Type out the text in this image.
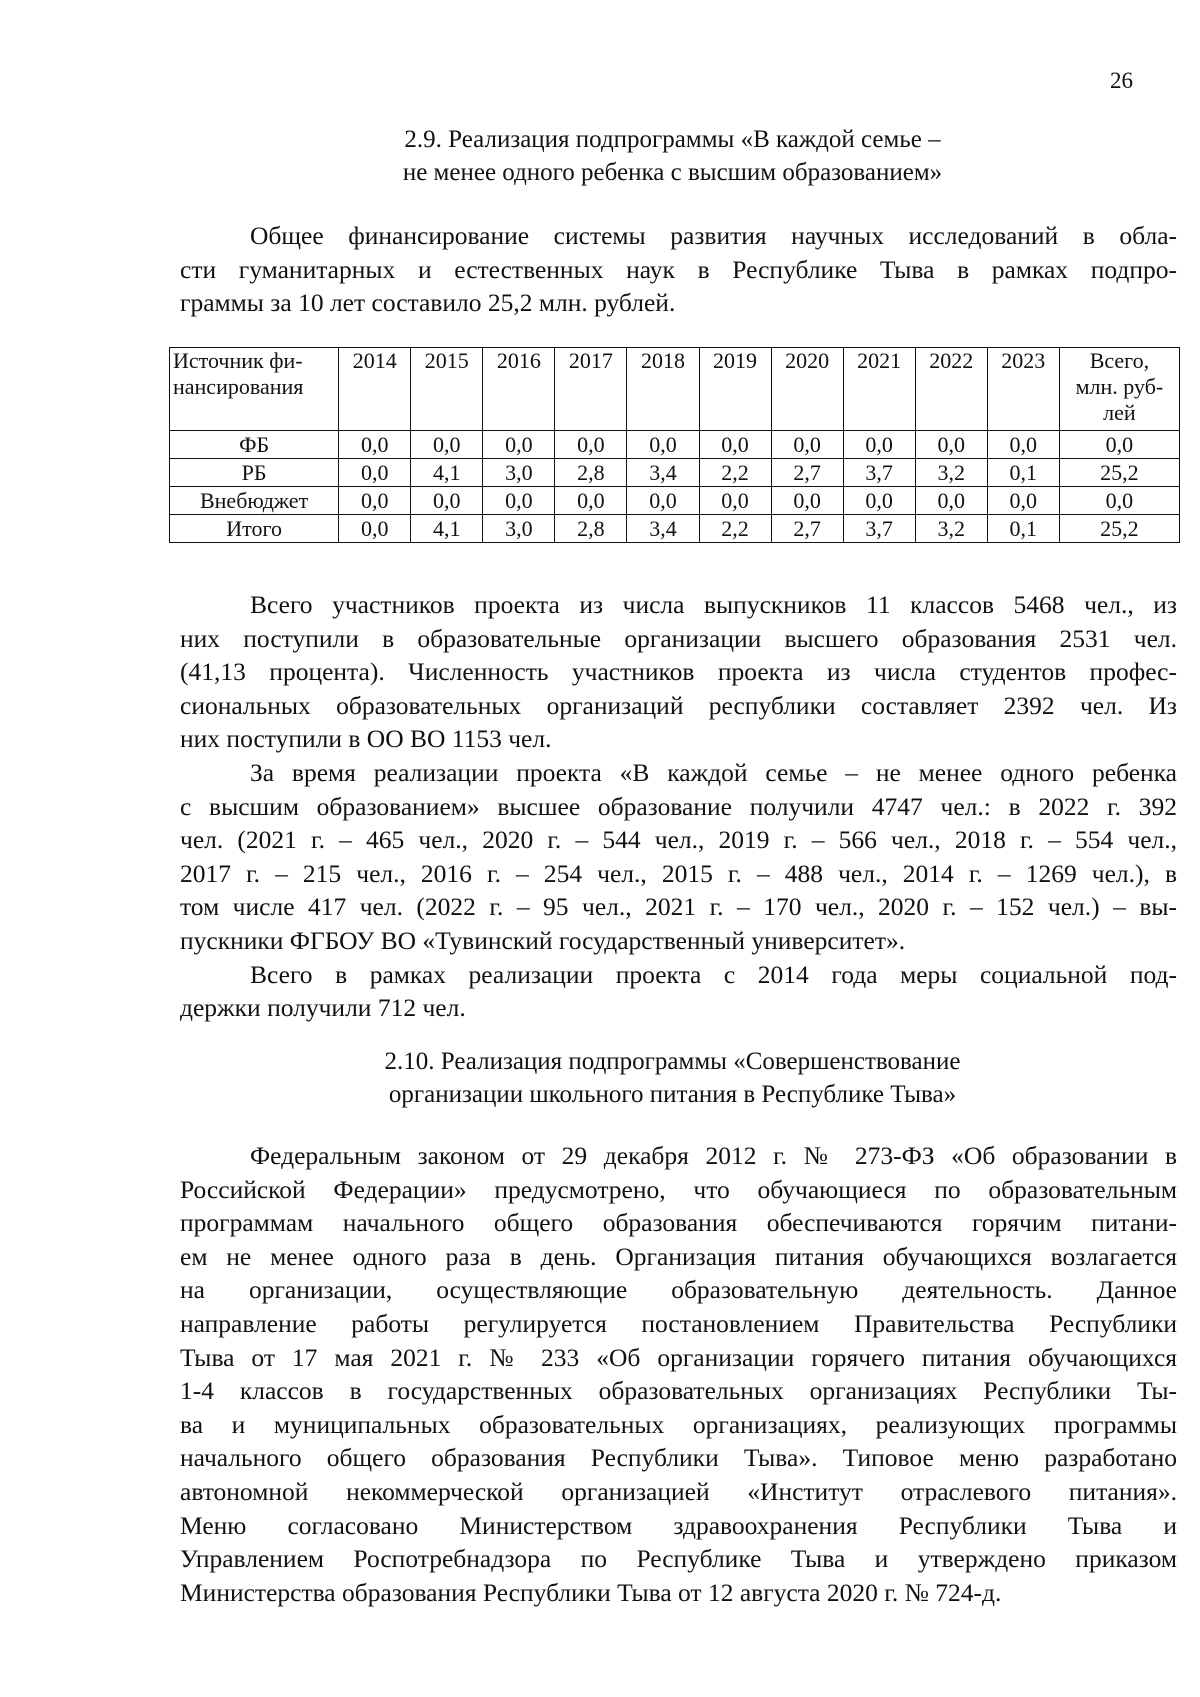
26
2.9. Реализация подпрограммы «В каждой семье –
не менее одного ребенка с высшим образованием»
Общее финансирование системы развития научных исследований в обла-
сти гуманитарных и естественных наук в Республике Тыва в рамках подпро-
граммы за 10 лет составило 25,2 млн. рублей.
Источник фи-
нансирования	2014	2015	2016	2017	2018	2019	2020	2021	2022	2023	Всего,
млн. руб-
лей
ФБ	0,0	0,0	0,0	0,0	0,0	0,0	0,0	0,0	0,0	0,0	0,0
РБ	0,0	4,1	3,0	2,8	3,4	2,2	2,7	3,7	3,2	0,1	25,2
Внебюджет	0,0	0,0	0,0	0,0	0,0	0,0	0,0	0,0	0,0	0,0	0,0
Итого	0,0	4,1	3,0	2,8	3,4	2,2	2,7	3,7	3,2	0,1	25,2
Всего участников проекта из числа выпускников 11 классов 5468 чел., из
них поступили в образовательные организации высшего образования 2531 чел.
(41,13 процента). Численность участников проекта из числа студентов профес-
сиональных образовательных организаций республики составляет 2392 чел. Из
них поступили в ОО ВО 1153 чел.
За время реализации проекта «В каждой семье – не менее одного ребенка
с высшим образованием» высшее образование получили 4747 чел.: в 2022 г. 392
чел. (2021 г. – 465 чел., 2020 г. – 544 чел., 2019 г. – 566 чел., 2018 г. – 554 чел.,
2017 г. – 215 чел., 2016 г. – 254 чел., 2015 г. – 488 чел., 2014 г. – 1269 чел.), в
том числе 417 чел. (2022 г. – 95 чел., 2021 г. – 170 чел., 2020 г. – 152 чел.) – вы-
пускники ФГБОУ ВО «Тувинский государственный университет».
Всего в рамках реализации проекта с 2014 года меры социальной под-
держки получили 712 чел.
2.10. Реализация подпрограммы «Совершенствование
организации школьного питания в Республике Тыва»
Федеральным законом от 29 декабря 2012 г. № 273-ФЗ «Об образовании в
Российской Федерации» предусмотрено, что обучающиеся по образовательным
программам начального общего образования обеспечиваются горячим питани-
ем не менее одного раза в день. Организация питания обучающихся возлагается
на организации, осуществляющие образовательную деятельность. Данное
направление работы регулируется постановлением Правительства Республики
Тыва от 17 мая 2021 г. № 233 «Об организации горячего питания обучающихся
1-4 классов в государственных образовательных организациях Республики Ты-
ва и муниципальных образовательных организациях, реализующих программы
начального общего образования Республики Тыва». Типовое меню разработано
автономной некоммерческой организацией «Институт отраслевого питания».
Меню согласовано Министерством здравоохранения Республики Тыва и
Управлением Роспотребнадзора по Республике Тыва и утверждено приказом
Министерства образования Республики Тыва от 12 августа 2020 г. № 724-д.
